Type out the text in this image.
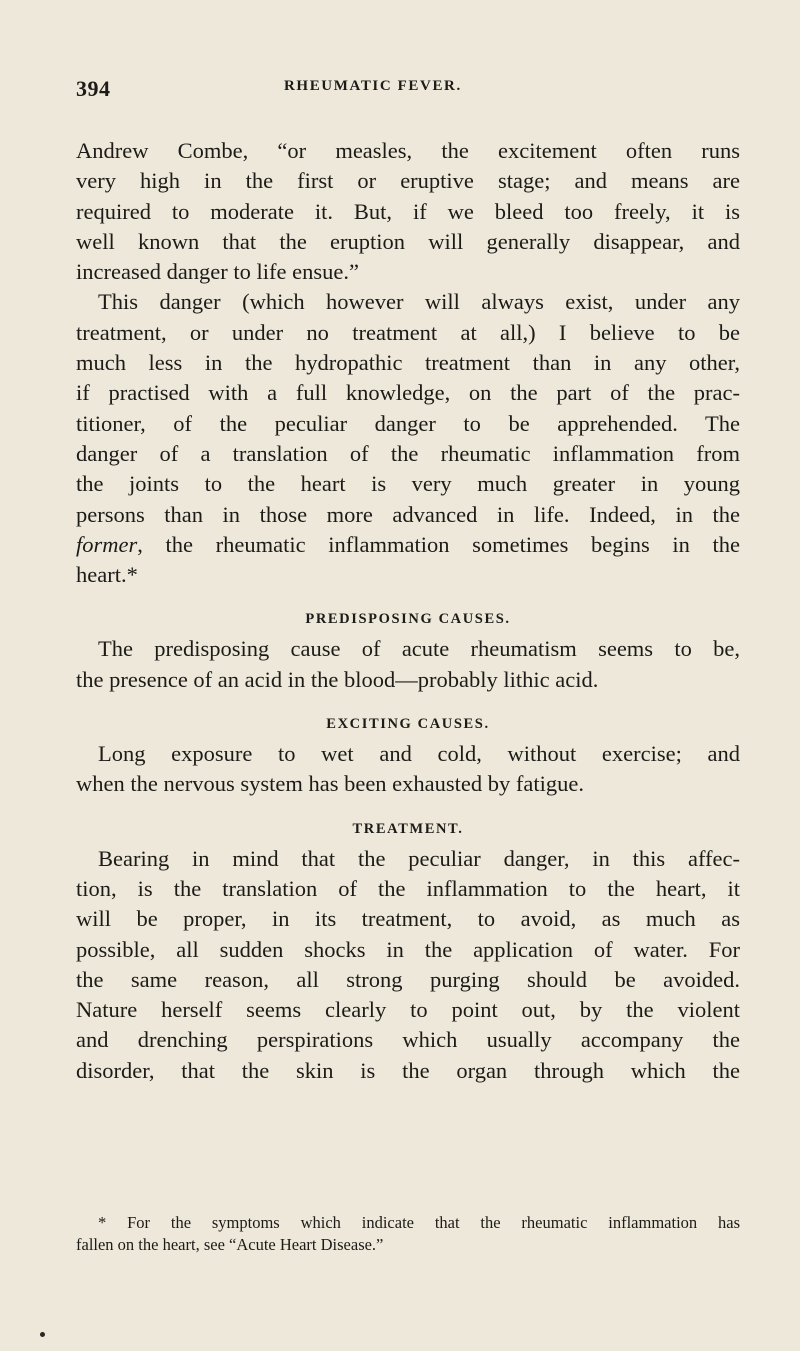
394	RHEUMATIC FEVER.
Andrew Combe, “or measles, the excitement often runs
very high in the first or eruptive stage; and means are
required to moderate it. But, if we bleed too freely, it is
well known that the eruption will generally disappear, and
increased danger to life ensue.”
This danger (which however will always exist, under any
treatment, or under no treatment at all,) I believe to be
much less in the hydropathic treatment than in any other,
if practised with a full knowledge, on the part of the prac-
titioner, of the peculiar danger to be apprehended. The
danger of a translation of the rheumatic inflammation from
the joints to the heart is very much greater in young
persons than in those more advanced in life. Indeed, in the
former, the rheumatic inflammation sometimes begins in the
heart.*
PREDISPOSING CAUSES.
The predisposing cause of acute rheumatism seems to be,
the presence of an acid in the blood—probably lithic acid.
EXCITING CAUSES.
Long exposure to wet and cold, without exercise; and
when the nervous system has been exhausted by fatigue.
TREATMENT.
Bearing in mind that the peculiar danger, in this affec-
tion, is the translation of the inflammation to the heart, it
will be proper, in its treatment, to avoid, as much as
possible, all sudden shocks in the application of water. For
the same reason, all strong purging should be avoided.
Nature herself seems clearly to point out, by the violent
and drenching perspirations which usually accompany the
disorder, that the skin is the organ through which the
* For the symptoms which indicate that the rheumatic inflammation has
fallen on the heart, see “Acute Heart Disease.”
